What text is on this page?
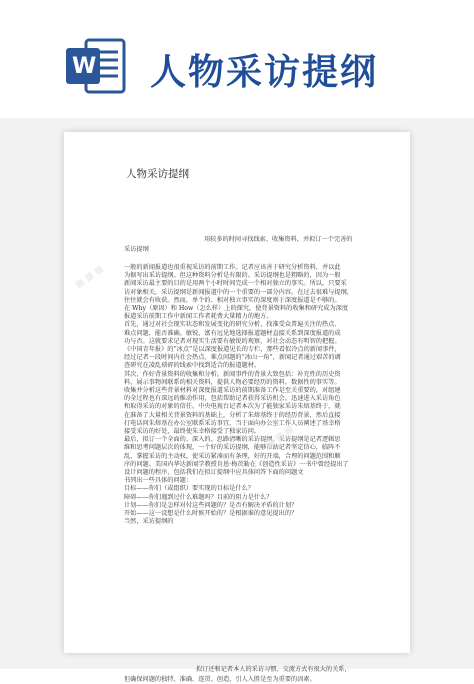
W 人物采访提纲
人物采访提纲
用较多的时间寻找线索、收集资料，并拟订一个完善的
采访提纲
一般的新闻报道也很重视采访的前期工作。记者应该善于研究分析资料，并以此
为据写出采访提纲。但这种资料分析是有限的。采访提纲也是粗略的，因为一般
新闻采访最主要的目的是用两个小时时间完成一个相对独立的事实。所以，只要采
访对象相关，采访提纲是新闻报道中的一个重要的一部分内容。在过去很难与提纲，
往往就会有收获。然而，单个的、相对独立事实的深度则于深度报道是不够的。
在 Why（原因）和 How（怎么样）上的探究，使背景资料的收集和研究成为深度
报道采访前期工作中新闻工作者耗费大量精力的地方。
首先，通过对社会现实状态和发展变化的研究分析，找准受众普遍关注的热点、
难点问题，能否准确、敏锐、富有远见地选择报道题材直接关系到深度报道的成
功与否。这就要求记者对现实生活要有敏锐的观察，对社会动态有明智的把握。
《中国青年报》的“冰点”是以深度报道见长的专栏，那些看似冷点的新闻事件，
经过记者一段时间内社会热点、难点问题的“冰山一角”，新闻记者通过艰苦的调
查研究在凌乱琐碎的线索中找到适合的报道题材。
其次，作好背景资料的收集和分析。新闻事件的背景大致包括：补充性的历史资
料，展示事物间联系的相关资料，提供人物必要经历的资料，数据性的事实等。
收集并分析这些背景材料对深度报道采访的前期准备工作是至关重要的，对组建
的全过程也有深远的推动作用，包括帮助记者获得采访机会，迅速进入采访角色
和取得采访的对象的信任。中央电视台记者本次为了能独家采访朱熔基终于，就
在准备了大量相关背景资料的基础上，分析了朱熔基终于的经历背景，然后直接
打电话问朱熔基在办公室联系采访事宜，当于面向办公室工作人员阐述了基幸格
接受采访的好处，最终使朱幸格接受了独家访问。
最后，拟订一个全面的、深入的、思路清晰的采访提纲。采访提纲是记者逻辑思
维和思考问题层次的体现，一个好的采访提纲，能够帮助记者坚定信心，临阵不
乱，掌握采访的主动权，使采访紧凑而有条理，好的开端，合理的问题范围和顺
序的问题。美国内华达新闻学教授肯恩·梅茨勒在《创造性采访》一书中曾经提出了
设计问题的程序，包括我们在拟订提纲中应具体问答下面的问题文
书列出一些具体的问题：
目标——你们（或组织）要实现的目标是什么？
障碍——你们遇到过什么难题吗？目前的阻力是什么？
计划——你们是怎样对付这些问题的？是否有解决矛盾的计划？
开始——这一设想是什么时候开始的？是根据谁的意见提出的？
当然，采访提纲的
拟订还和记者本人的采访习惯、交流方式有很大的关系，
但确保问题的独特、准确、连贯、创造、引人入胜是至为重要的因素。
▦ ▦ ▦
▦ ▦ ▦
